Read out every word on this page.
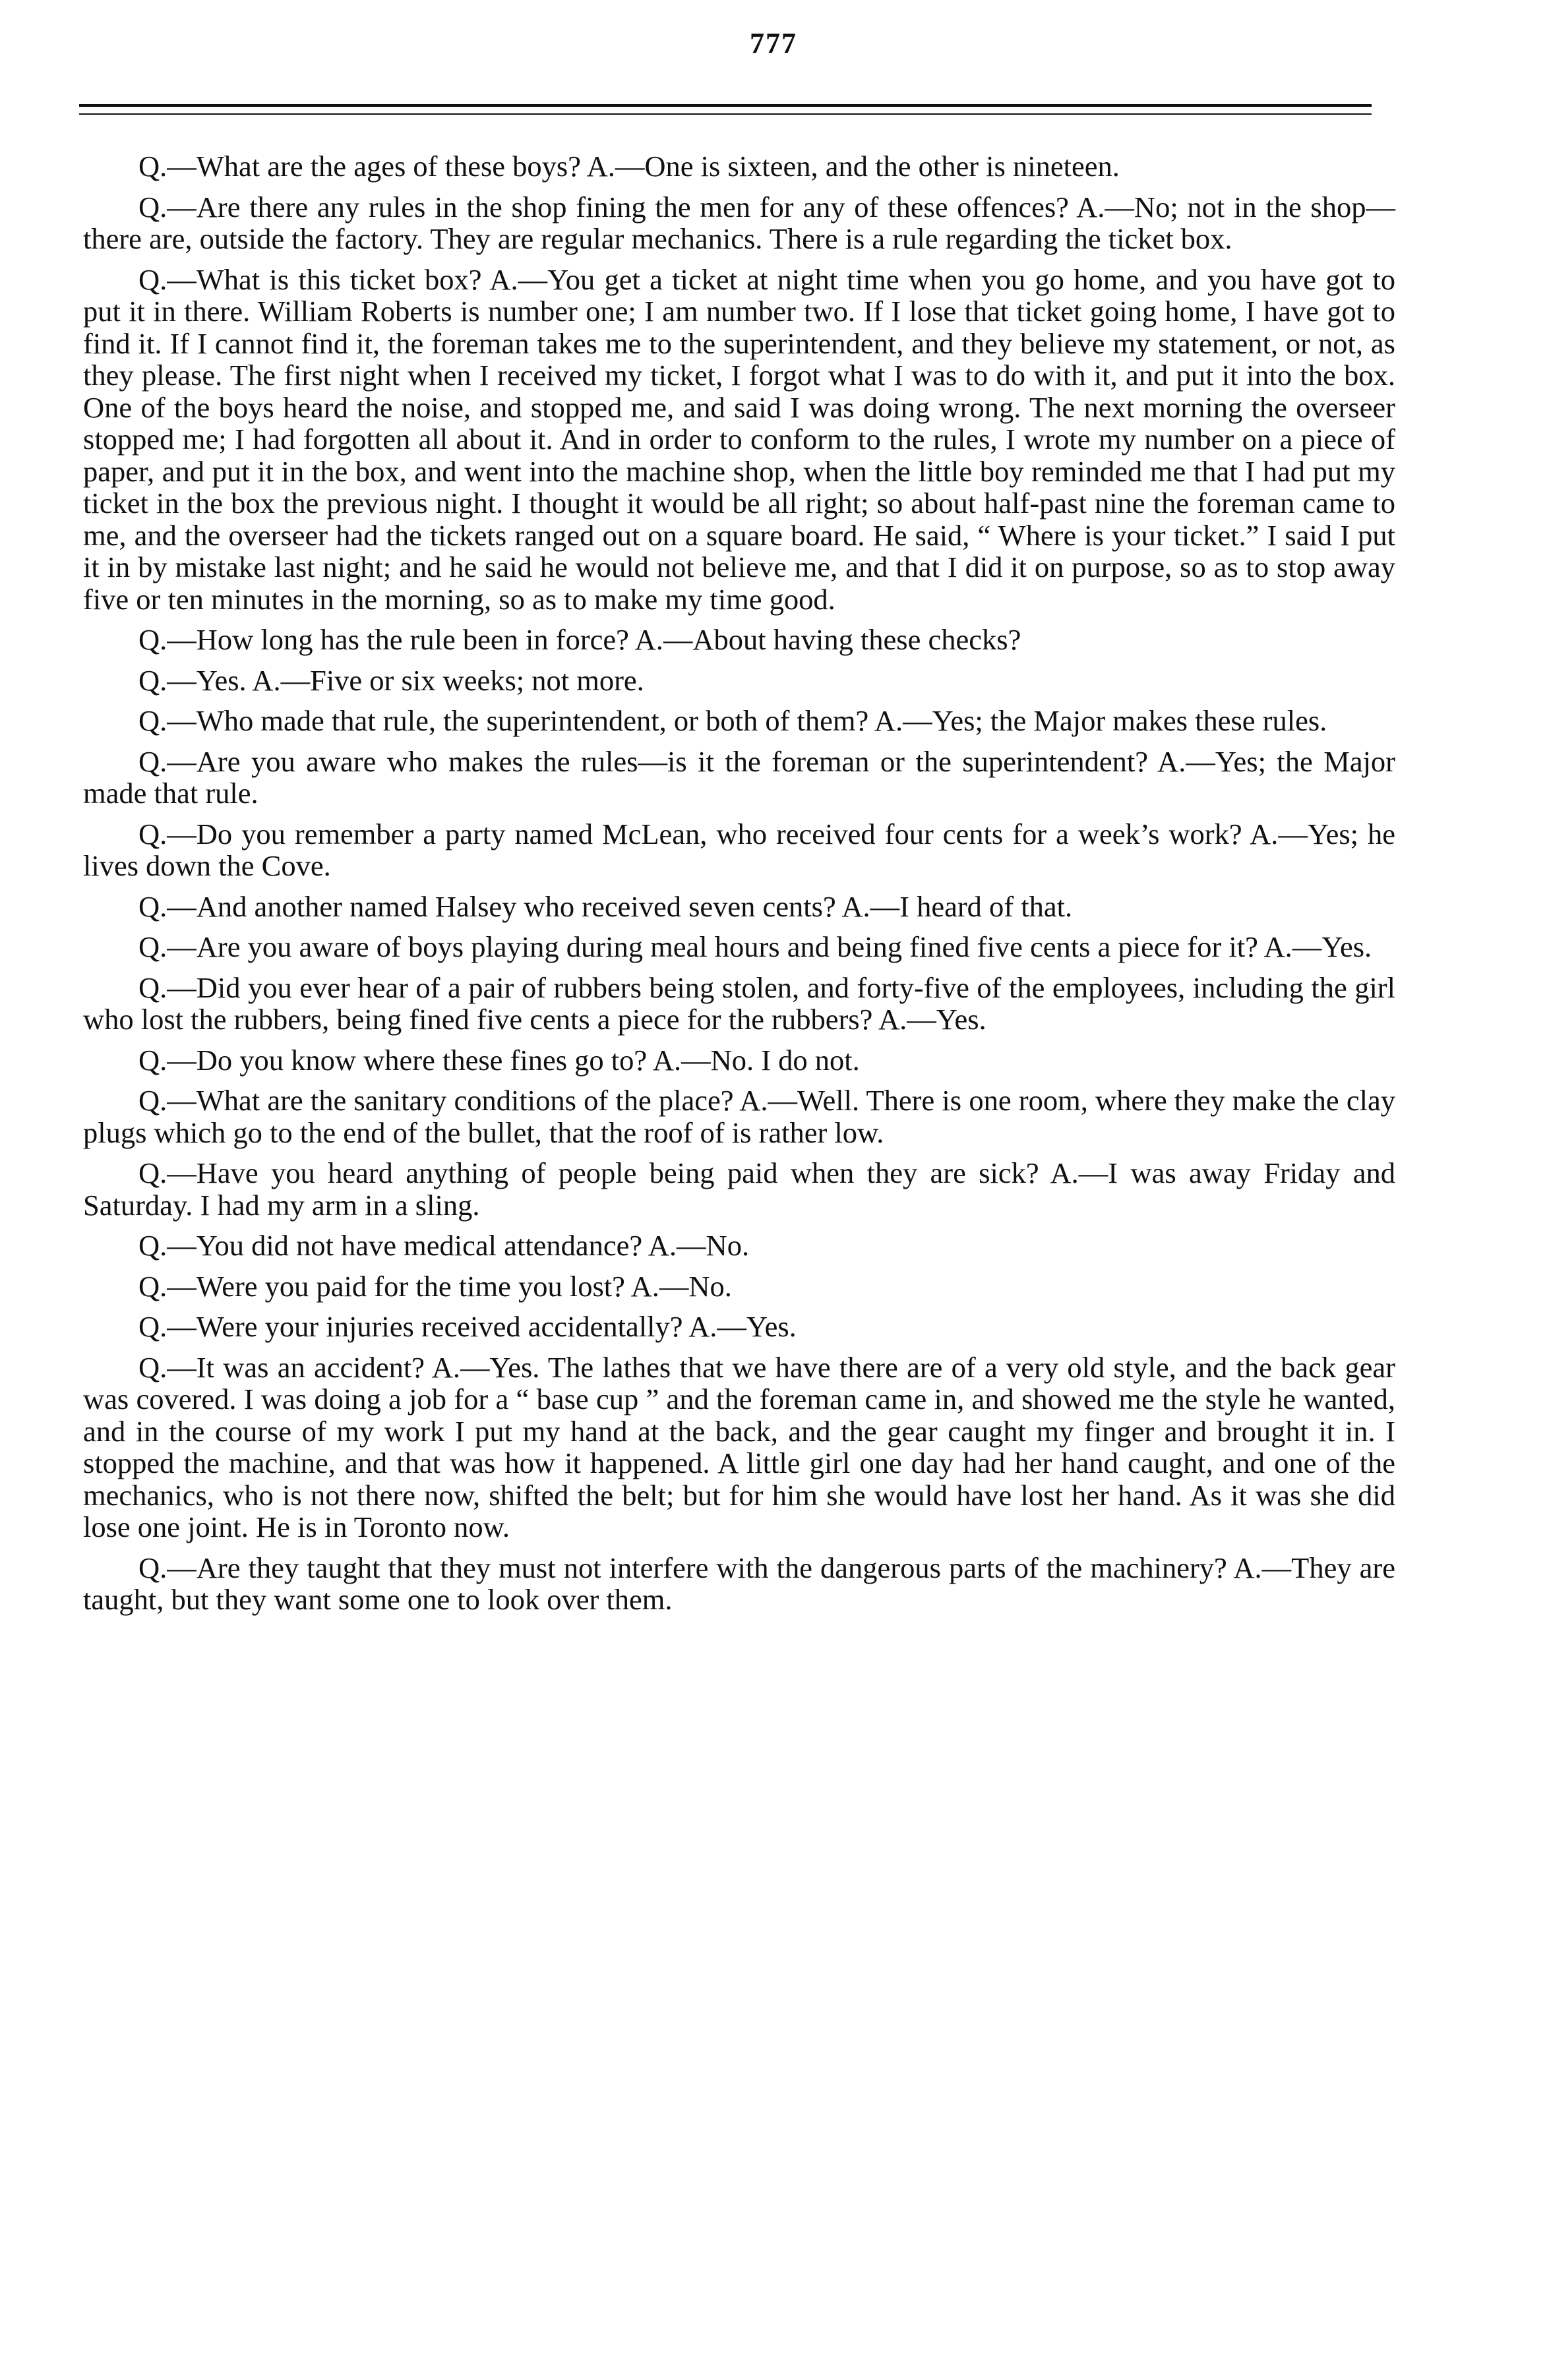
777

Q.—What are the ages of these boys? A.—One is sixteen, and the other is nineteen.

Q.—Are there any rules in the shop fining the men for any of these offences? A.—No; not in the shop—there are, outside the factory. They are regular mechanics. There is a rule regarding the ticket box.

Q.—What is this ticket box? A.—You get a ticket at night time when you go home, and you have got to put it in there. William Roberts is number one; I am number two. If I lose that ticket going home, I have got to find it. If I cannot find it, the foreman takes me to the superintendent, and they believe my statement, or not, as they please. The first night when I received my ticket, I forgot what I was to do with it, and put it into the box. One of the boys heard the noise, and stopped me, and said I was doing wrong. The next morning the overseer stopped me; I had forgotten all about it. And in order to conform to the rules, I wrote my number on a piece of paper, and put it in the box, and went into the machine shop, when the little boy reminded me that I had put my ticket in the box the previous night. I thought it would be all right; so about half-past nine the foreman came to me, and the overseer had the tickets ranged out on a square board. He said, “ Where is your ticket.” I said I put it in by mistake last night; and he said he would not believe me, and that I did it on purpose, so as to stop away five or ten minutes in the morning, so as to make my time good.

Q.—How long has the rule been in force? A.—About having these checks?

Q.—Yes. A.—Five or six weeks; not more.

Q.—Who made that rule, the superintendent, or both of them? A.—Yes; the Major makes these rules.

Q.—Are you aware who makes the rules—is it the foreman or the superintendent? A.—Yes; the Major made that rule.

Q.—Do you remember a party named McLean, who received four cents for a week’s work? A.—Yes; he lives down the Cove.

Q.—And another named Halsey who received seven cents? A.—I heard of that.

Q.—Are you aware of boys playing during meal hours and being fined five cents a piece for it? A.—Yes.

Q.—Did you ever hear of a pair of rubbers being stolen, and forty-five of the employees, including the girl who lost the rubbers, being fined five cents a piece for the rubbers? A.—Yes.

Q.—Do you know where these fines go to? A.—No. I do not.

Q.—What are the sanitary conditions of the place? A.—Well. There is one room, where they make the clay plugs which go to the end of the bullet, that the roof of is rather low.

Q.—Have you heard anything of people being paid when they are sick? A.—I was away Friday and Saturday. I had my arm in a sling.

Q.—You did not have medical attendance? A.—No.

Q.—Were you paid for the time you lost? A.—No.

Q.—Were your injuries received accidentally? A.—Yes.

Q.—It was an accident? A.—Yes. The lathes that we have there are of a very old style, and the back gear was covered. I was doing a job for a “ base cup ” and the foreman came in, and showed me the style he wanted, and in the course of my work I put my hand at the back, and the gear caught my finger and brought it in. I stopped the machine, and that was how it happened. A little girl one day had her hand caught, and one of the mechanics, who is not there now, shifted the belt; but for him she would have lost her hand. As it was she did lose one joint. He is in Toronto now.

Q.—Are they taught that they must not interfere with the dangerous parts of the machinery? A.—They are taught, but they want some one to look over them.
